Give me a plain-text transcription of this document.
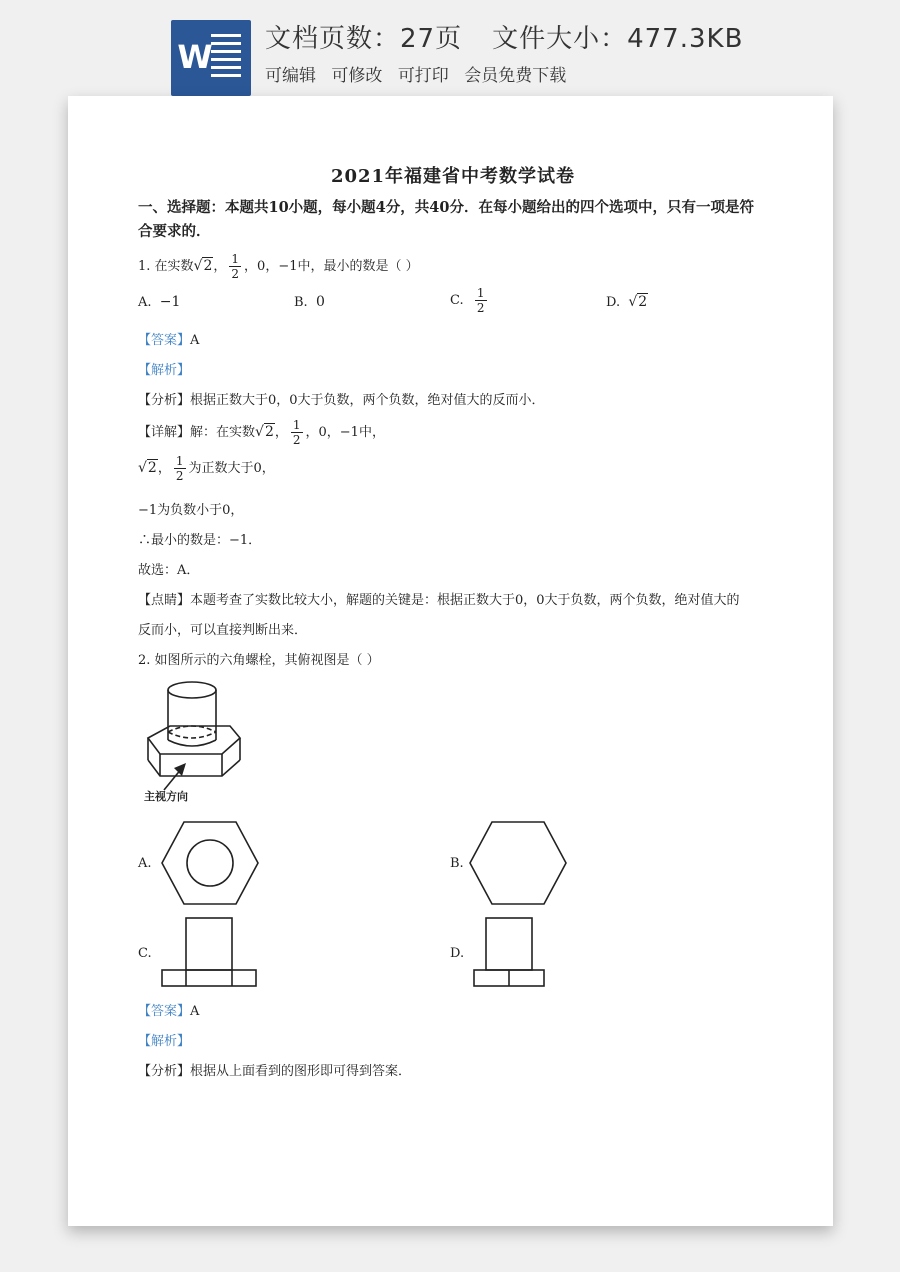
W 文档页数：27页 文件大小：477.3KB
可编辑 可修改 可打印 会员免费下载
2021年福建省中考数学试卷
一、选择题：本题共10小题，每小题4分，共40分．在每小题给出的四个选项中，只有一项是符合要求的．
1. 在实数√2， $\frac{1}{2}$ ，0，−1中，最小的数是（ ）
A. −1	B. 0	C. $\frac{1}{2}$	D. √2
【答案】A
【解析】
【分析】根据正数大于0，0大于负数，两个负数，绝对值大的反而小．
【详解】解：在实数√2， $\frac{1}{2}$ ，0，−1中，
√2， $\frac{1}{2}$ 为正数大于0，
−1为负数小于0，
∴最小的数是：−1．
故选：A．
【点睛】本题考查了实数比较大小，解题的关键是：根据正数大于0，0大于负数，两个负数，绝对值大的
反而小，可以直接判断出来．
2. 如图所示的六角螺栓，其俯视图是（ ）
主视方向
A.	B.
C.	D.
【答案】A
【解析】
【分析】根据从上面看到的图形即可得到答案．
